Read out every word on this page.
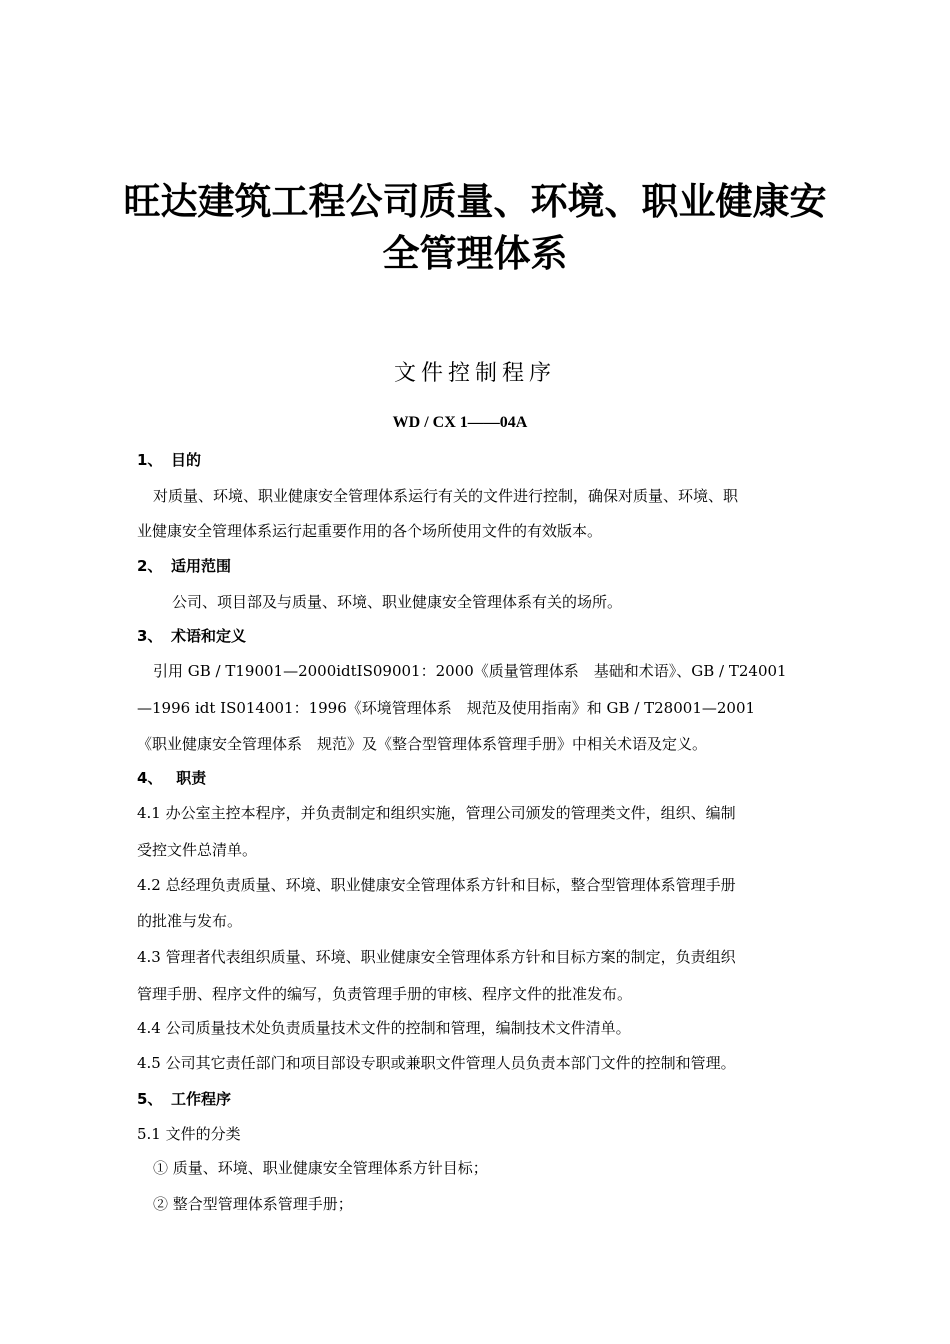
旺达建筑工程公司质量、环境、职业健康安
全管理体系
文件控制程序
WD / CX 1——04A
1、 目的
对质量、环境、职业健康安全管理体系运行有关的文件进行控制，确保对质量、环境、职
业健康安全管理体系运行起重要作用的各个场所使用文件的有效版本。
2、 适用范围
公司、项目部及与质量、环境、职业健康安全管理体系有关的场所。
3、 术语和定义
引用 GB / T19001—2000idtIS09001：2000《质量管理体系　基础和术语》、GB / T24001
—1996 idt IS014001：1996《环境管理体系　规范及使用指南》和 GB / T28001—2001
《职业健康安全管理体系　规范》及《整合型管理体系管理手册》中相关术语及定义。
4、 职责
4.1 办公室主控本程序，并负责制定和组织实施，管理公司颁发的管理类文件，组织、编制
受控文件总清单。
4.2 总经理负责质量、环境、职业健康安全管理体系方针和目标，整合型管理体系管理手册
的批准与发布。
4.3 管理者代表组织质量、环境、职业健康安全管理体系方针和目标方案的制定，负责组织
管理手册、程序文件的编写，负责管理手册的审核、程序文件的批准发布。
4.4 公司质量技术处负责质量技术文件的控制和管理，编制技术文件清单。
4.5 公司其它责任部门和项目部设专职或兼职文件管理人员负责本部门文件的控制和管理。
5、 工作程序
5.1 文件的分类
① 质量、环境、职业健康安全管理体系方针目标；
② 整合型管理体系管理手册；
